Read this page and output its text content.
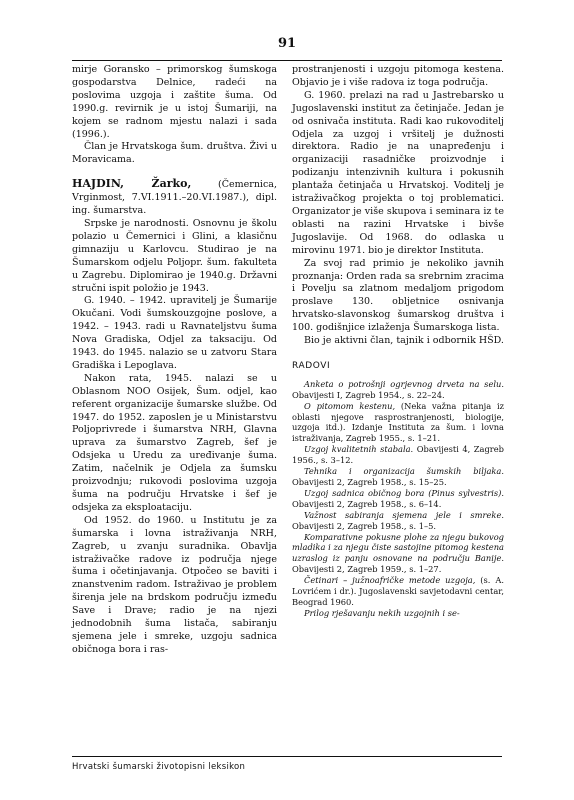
91

mirje Goransko – primorskog šumskoga gospodarstva Delnice, radeći na poslovima uzgoja i zaštite šuma. Od 1990.g. revirnik je u istoj Šumariji, na kojem se radnom mjestu nalazi i sada (1996.).

Član je Hrvatskoga šum. društva. Živi u Moravicama.

HAJDIN, Žarko,	(Čemernica, Vrginmost, 7.VI.1911.–20.VI.1987.), dipl. ing. šumarstva.

Srpske je narodnosti. Osnovnu je školu polazio u Čemernici i Glini, a klasičnu gimnaziju u Karlovcu. Studirao je na Šumarskom odjelu Poljopr. šum. fakulteta u Zagrebu. Diplomirao je 1940.g. Državni stručni ispit položio je 1943.

G. 1940. – 1942. upravitelj je Šumarije Okučani. Vodi šumskouzgojne poslove, a 1942. – 1943. radi u Ravnateljstvu šuma Nova Gradiska, Odjel za taksaciju. Od 1943. do 1945. nalazio se u zatvoru Stara Gradiška i Lepoglava.

Nakon rata, 1945. nalazi se u Oblasnom NOO Osijek, Šum. odjel, kao referent organizacije šumarske službe. Od 1947. do 1952. zaposlen je u Ministarstvu Poljoprivrede i šumarstva NRH, Glavna uprava za šumarstvo Zagreb, šef je Odsjeka u Uredu za uređivanje šuma. Zatim, načelnik je Odjela za šumsku proizvodnju; rukovodi poslovima uzgoja šuma na području Hrvatske i šef je odsjeka za eksploataciju.

Od 1952. do 1960. u Institutu je za šumarska i lovna istraživanja NRH, Zagreb, u zvanju suradnika. Obavlja istraživačke radove iz područja njege šuma i očetinjavanja. Otpočeo se baviti i znanstvenim radom. Istraživao je problem širenja jele na brdskom području između Save i Drave; radio je na njezi jednodobnih šuma listača, sabiranju sjemena jele i smreke, uzgoju sadnica običnoga bora i ras-

prostranjenosti i uzgoju pitomoga kestena. Objavio je i više radova iz toga područja.

G. 1960. prelazi na rad u Jastrebarsko u Jugoslavenski institut za četinjače. Jedan je od osnivača instituta. Radi kao rukovoditelj Odjela za uzgoj i vršitelj je dužnosti direktora. Radio je na unapređenju i organizaciji rasadničke proizvodnje i podizanju intenzivnih kultura i pokusnih plantaža četinjača u Hrvatskoj. Voditelj je istraživačkog projekta o toj problematici. Organizator je više skupova i seminara iz te oblasti na razini Hrvatske i bivše Jugoslavije. Od 1968. do odlaska u mirovinu 1971. bio je direktor Instituta.

Za svoj rad primio je nekoliko javnih proznanja: Orden rada sa srebrnim zracima i Povelju sa zlatnom medaljom prigodom proslave 130. obljetnice osnivanja hrvatsko-slavonskog šumarskog društva i 100. godišnjice izlaženja Šumarskoga lista.

Bio je aktivni član, tajnik i odbornik HŠD.

RADOVI

Anketa o potrošnji ogrjevnog drveta na selu. Obavijesti I, Zagreb 1954., s. 22–24.

O pitomom kestenu, (Neka važna pitanja iz oblasti njegove rasprostranjenosti, biologije, uzgoja itd.). Izdanje Instituta za šum. i lovna istraživanja, Zagreb 1955., s. 1–21.

Uzgoj kvalitetnih stabala. Obavijesti 4, Zagreb 1956., s. 3–12.

Tehnika i organizacija šumskih biljaka. Obavijesti 2, Zagreb 1958., s. 15–25.

Uzgoj sadnica običnog bora (Pinus sylvestris). Obavijesti 2, Zagreb 1958., s. 6–14.

Važnost sabiranja sjemena jele i smreke. Obavijesti 2, Zagreb 1958., s. 1–5.

Komparativne pokusne plohe za njegu bukovog mladika i za njegu čiste sastojine pitomog kestena uzraslog iz panju osnovane na području Banije. Obavijesti 2, Zagreb 1959., s. 1–27.

Četinari – južnoafričke metode uzgoja, (s. A. Lovrićem i dr.). Jugoslavenski savjetodavni centar, Beograd 1960.

Prilog rješavanju nekih uzgojnih i se-

Hrvatski šumarski životopisni leksikon
